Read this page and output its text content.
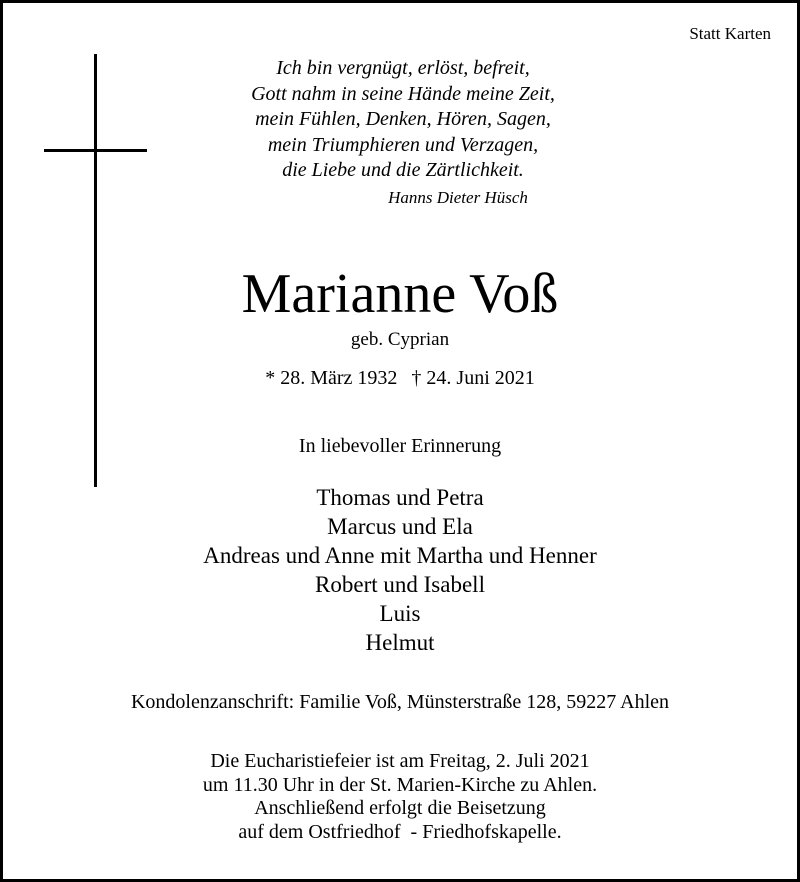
Statt Karten
Ich bin vergnügt, erlöst, befreit,
Gott nahm in seine Hände meine Zeit,
mein Fühlen, Denken, Hören, Sagen,
mein Triumphieren und Verzagen,
die Liebe und die Zärtlichkeit.
Hanns Dieter Hüsch
Marianne Voß
geb. Cyprian
* 28. März 1932 † 24. Juni 2021
In liebevoller Erinnerung
Thomas und Petra
Marcus und Ela
Andreas und Anne mit Martha und Henner
Robert und Isabell
Luis
Helmut
Kondolenzanschrift: Familie Voß, Münsterstraße 128, 59227 Ahlen
Die Eucharistiefeier ist am Freitag, 2. Juli 2021
um 11.30 Uhr in der St. Marien-Kirche zu Ahlen.
Anschließend erfolgt die Beisetzung
auf dem Ostfriedhof  - Friedhofskapelle.
